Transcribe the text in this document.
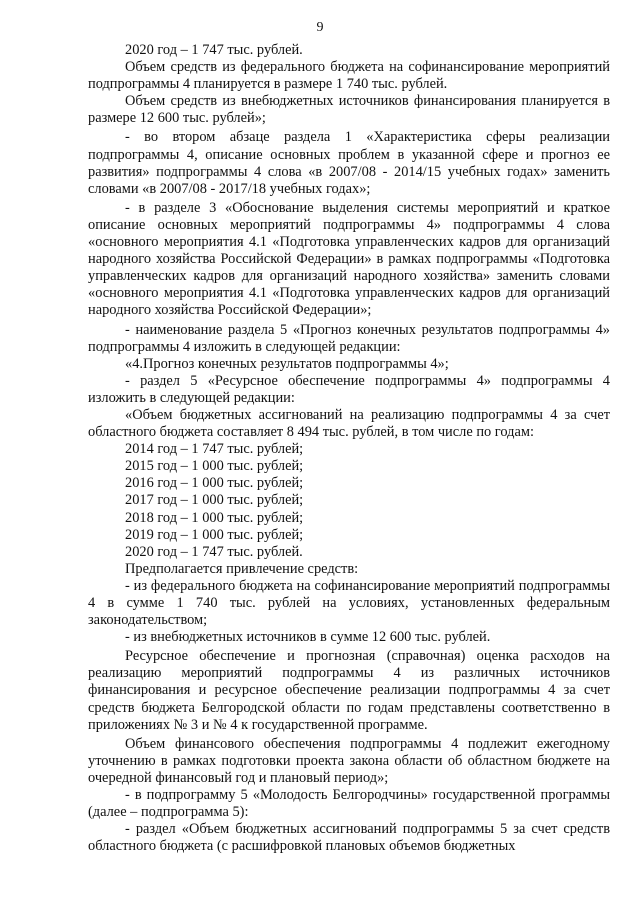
9

2020 год – 1 747 тыс. рублей.

Объем средств из федерального бюджета на софинансирование мероприятий подпрограммы 4 планируется в размере 1 740 тыс. рублей.

Объем средств из внебюджетных источников финансирования планируется в размере 12 600 тыс. рублей»;

- во втором абзаце раздела 1 «Характеристика сферы реализации подпрограммы 4, описание основных проблем в указанной сфере и прогноз ее развития» подпрограммы 4 слова «в 2007/08 - 2014/15 учебных годах» заменить словами «в 2007/08 - 2017/18 учебных годах»;

- в разделе 3 «Обоснование выделения системы мероприятий и краткое описание основных мероприятий подпрограммы 4» подпрограммы 4 слова «основного мероприятия 4.1 «Подготовка управленческих кадров для организаций народного хозяйства Российской Федерации» в рамках подпрограммы «Подготовка управленческих кадров для организаций народного хозяйства» заменить словами «основного мероприятия 4.1 «Подготовка управленческих кадров для организаций народного хозяйства Российской Федерации»;

- наименование раздела 5 «Прогноз конечных результатов подпрограммы 4» подпрограммы 4 изложить в следующей редакции:

«4.Прогноз конечных результатов подпрограммы 4»;

- раздел 5 «Ресурсное обеспечение подпрограммы 4» подпрограммы 4 изложить в следующей редакции:

«Объем бюджетных ассигнований на реализацию подпрограммы 4 за счет областного бюджета составляет 8 494 тыс. рублей, в том числе по годам:

2014 год – 1 747 тыс. рублей;

2015 год – 1 000 тыс. рублей;

2016 год – 1 000 тыс. рублей;

2017 год – 1 000 тыс. рублей;

2018 год – 1 000 тыс. рублей;

2019 год – 1 000 тыс. рублей;

2020 год – 1 747 тыс. рублей.

Предполагается привлечение средств:

- из федерального бюджета на софинансирование мероприятий подпрограммы 4 в сумме 1 740 тыс. рублей на условиях, установленных федеральным законодательством;

- из внебюджетных источников в сумме 12 600 тыс. рублей.

Ресурсное обеспечение и прогнозная (справочная) оценка расходов на реализацию мероприятий подпрограммы 4 из различных источников финансирования и ресурсное обеспечение реализации подпрограммы 4 за счет средств бюджета Белгородской области по годам представлены соответственно в приложениях № 3 и № 4 к государственной программе.

Объем финансового обеспечения подпрограммы 4 подлежит ежегодному уточнению в рамках подготовки проекта закона области об областном бюджете на очередной финансовый год и плановый период»;

- в подпрограмму 5 «Молодость Белгородчины» государственной программы (далее – подпрограмма 5):

- раздел «Объем бюджетных ассигнований подпрограммы 5 за счет средств областного бюджета (с расшифровкой плановых объемов бюджетных
